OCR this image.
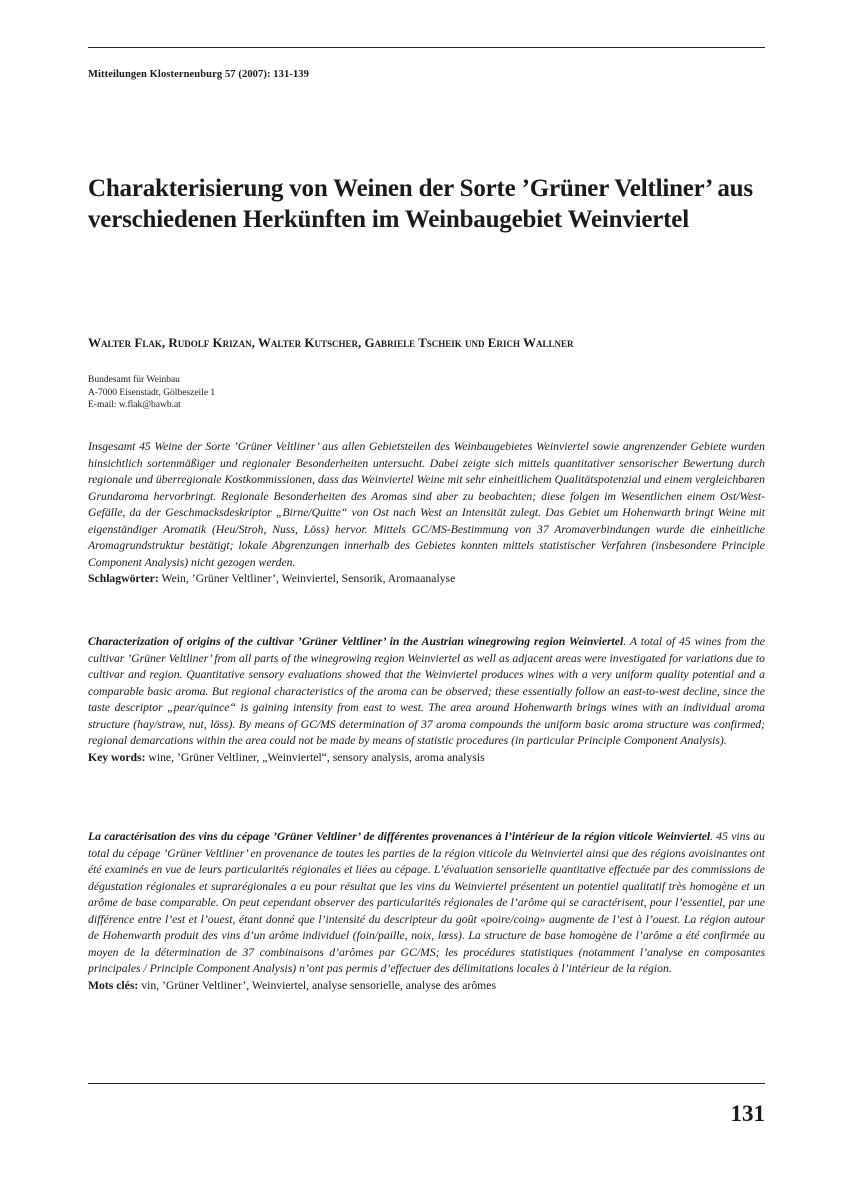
Mitteilungen Klosterneuburg 57 (2007): 131-139
Charakterisierung von Weinen der Sorte ’Grüner Veltliner’ aus verschiedenen Herkünften im Weinbaugebiet Weinviertel
Walter Flak, Rudolf Krizan, Walter Kutscher, Gabriele Tscheik und Erich Wallner
Bundesamt für Weinbau
A-7000 Eisenstadt, Gölbeszeile 1
E-mail: w.flak@bawb.at

Insgesamt 45 Weine der Sorte ’Grüner Veltliner’ aus allen Gebietsteilen des Weinbaugebietes Weinviertel sowie angrenzender Gebiete wurden hinsichtlich sortenmäßiger und regionaler Besonderheiten untersucht. Dabei zeigte sich mittels quantitativer sensorischer Bewertung durch regionale und überregionale Kostkommissionen, dass das Weinviertel Weine mit sehr einheitlichem Qualitätspotenzial und einem vergleichbaren Grundaroma hervorbringt. Regionale Besonderheiten des Aromas sind aber zu beobachten; diese folgen im Wesentlichen einem Ost/West-Gefälle, da der Geschmacksdeskriptor „Birne/Quitte“ von Ost nach West an Intensität zulegt. Das Gebiet um Hohenwarth bringt Weine mit eigenständiger Aromatik (Heu/Stroh, Nuss, Löss) hervor. Mittels GC/MS-Bestimmung von 37 Aromaverbindungen wurde die einheitliche Aromagrundstruktur bestätigt; lokale Abgrenzungen innerhalb des Gebietes konnten mittels statistischer Verfahren (insbesondere Principle Component Analysis) nicht gezogen werden.

Schlagwörter: Wein, ’Grüner Veltliner’, Weinviertel, Sensorik, Aromaanalyse

Characterization of origins of the cultivar ’Grüner Veltliner’ in the Austrian winegrowing region Weinviertel. A total of 45 wines from the cultivar ’Grüner Veltliner’ from all parts of the winegrowing region Weinviertel as well as adjacent areas were investigated for variations due to cultivar and region. Quantitative sensory evaluations showed that the Weinviertel produces wines with a very uniform quality potential and a comparable basic aroma. But regional characteristics of the aroma can be observed; these essentially follow an east-to-west decline, since the taste descriptor „pear/quince“ is gaining intensity from east to west. The area around Hohenwarth brings wines with an individual aroma structure (hay/straw, nut, löss). By means of GC/MS determination of 37 aroma compounds the uniform basic aroma structure was confirmed; regional demarcations within the area could not be made by means of statistic procedures (in particular Principle Component Analysis).

Key words: wine, ’Grüner Veltliner, „Weinviertel“, sensory analysis, aroma analysis

La caractérisation des vins du cépage ’Grüner Veltliner’ de différentes provenances à l’intérieur de la région viticole Weinviertel. 45 vins au total du cépage ’Grüner Veltliner’ en provenance de toutes les parties de la région viticole du Weinviertel ainsi que des régions avoisinantes ont été examinés en vue de leurs particularités régionales et liées au cépage. L’évaluation sensorielle quantitative effectuée par des commissions de dégustation régionales et suprarégionales a eu pour résultat que les vins du Weinviertel présentent un potentiel qualitatif très homogène et un arôme de base comparable. On peut cependant observer des particularités régionales de l’arôme qui se caractérisent, pour l’essentiel, par une différence entre l’est et l’ouest, étant donné que l’intensité du descripteur du goût «poire/coing» augmente de l’est à l’ouest. La région autour de Hohenwarth produit des vins d’un arôme individuel (foin/paille, noix, lœss). La structure de base homogène de l’arôme a été confirmée au moyen de la détermination de 37 combinaisons d’arômes par GC/MS; les procédures statistiques (notamment l’analyse en composantes principales / Principle Component Analysis) n’ont pas permis d’effectuer des délimitations locales à l’intérieur de la région.

Mots clés: vin, ’Grüner Veltliner’, Weinviertel, analyse sensorielle, analyse des arômes

131
